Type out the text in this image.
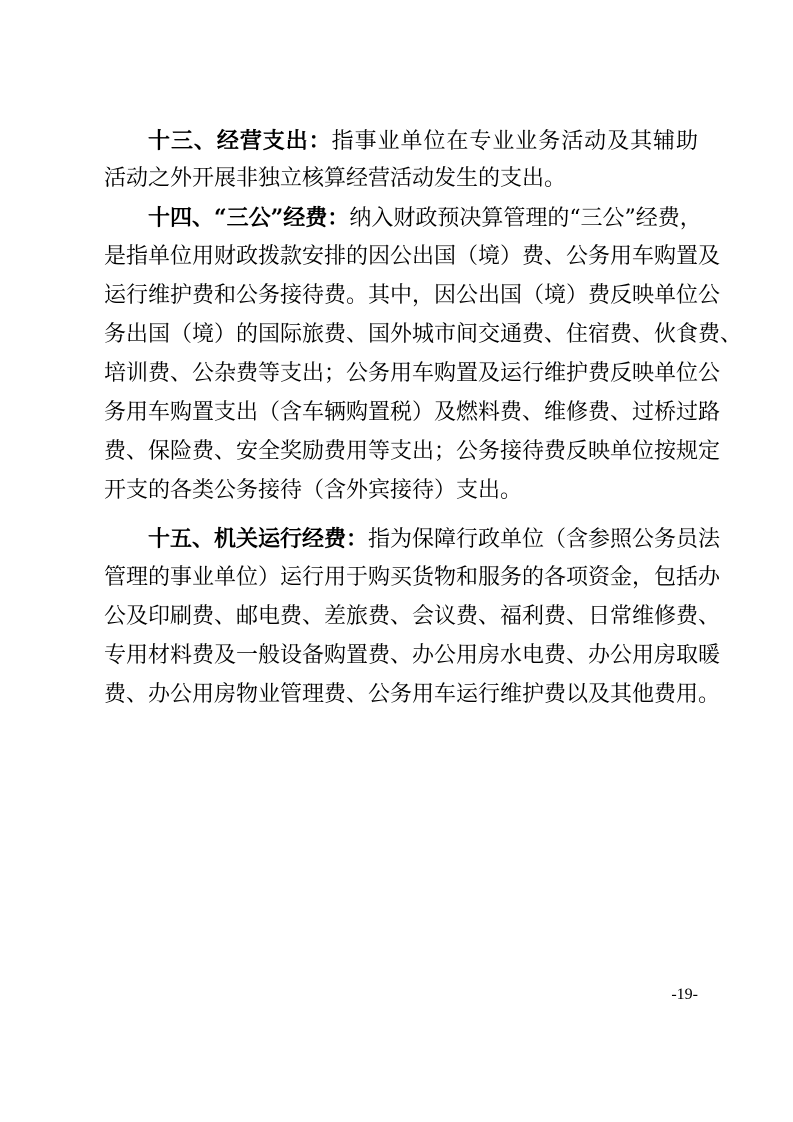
十三、经营支出：指事业单位在专业业务活动及其辅助
活动之外开展非独立核算经营活动发生的支出。
十四、“三公”经费：纳入财政预决算管理的“三公”经费，
是指单位用财政拨款安排的因公出国（境）费、公务用车购置及
运行维护费和公务接待费。其中，因公出国（境）费反映单位公
务出国（境）的国际旅费、国外城市间交通费、住宿费、伙食费、
培训费、公杂费等支出；公务用车购置及运行维护费反映单位公
务用车购置支出（含车辆购置税）及燃料费、维修费、过桥过路
费、保险费、安全奖励费用等支出；公务接待费反映单位按规定
开支的各类公务接待（含外宾接待）支出。
十五、机关运行经费：指为保障行政单位（含参照公务员法
管理的事业单位）运行用于购买货物和服务的各项资金，包括办
公及印刷费、邮电费、差旅费、会议费、福利费、日常维修费、
专用材料费及一般设备购置费、办公用房水电费、办公用房取暖
费、办公用房物业管理费、公务用车运行维护费以及其他费用。
-19-
